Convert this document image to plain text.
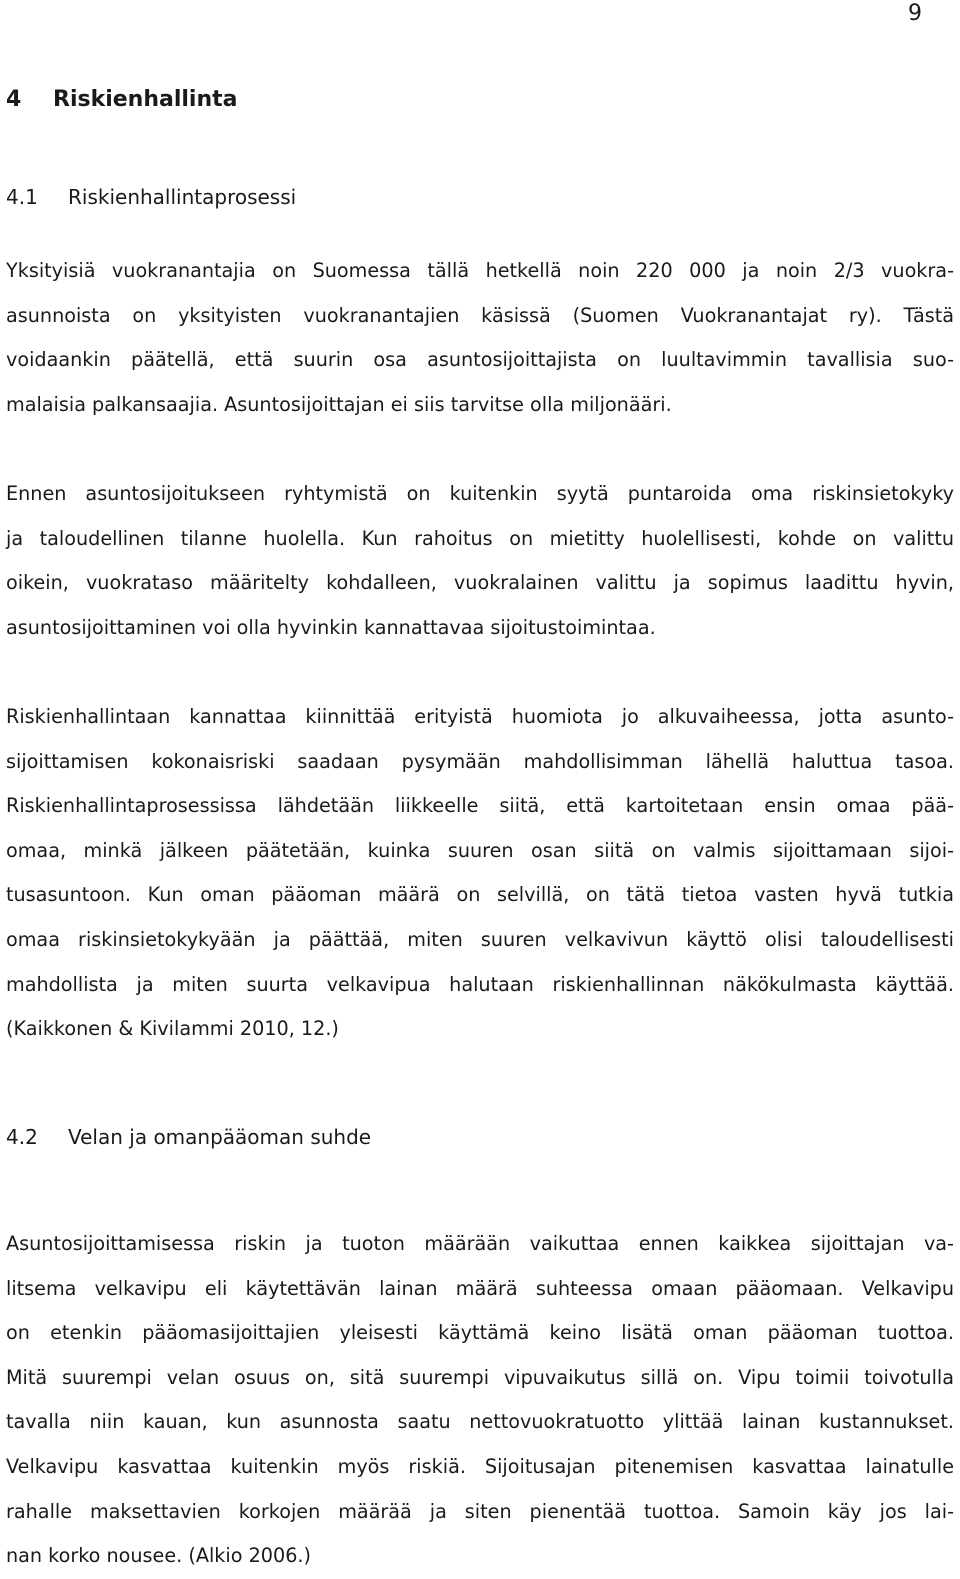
9
4 Riskienhallinta
4.1 Riskienhallintaprosessi
Yksityisiä vuokranantajia on Suomessa tällä hetkellä noin 220 000 ja noin 2/3 vuokra-
asunnoista on yksityisten vuokranantajien käsissä (Suomen Vuokranantajat ry). Tästä
voidaankin päätellä, että suurin osa asuntosijoittajista on luultavimmin tavallisia suo-
malaisia palkansaajia. Asuntosijoittajan ei siis tarvitse olla miljonääri.
Ennen asuntosijoitukseen ryhtymistä on kuitenkin syytä puntaroida oma riskinsietokyky
ja taloudellinen tilanne huolella. Kun rahoitus on mietitty huolellisesti, kohde on valittu
oikein, vuokrataso määritelty kohdalleen, vuokralainen valittu ja sopimus laadittu hyvin,
asuntosijoittaminen voi olla hyvinkin kannattavaa sijoitustoimintaa.
Riskienhallintaan kannattaa kiinnittää erityistä huomiota jo alkuvaiheessa, jotta asunto-
sijoittamisen kokonaisriski saadaan pysymään mahdollisimman lähellä haluttua tasoa.
Riskienhallintaprosessissa lähdetään liikkeelle siitä, että kartoitetaan ensin omaa pää-
omaa, minkä jälkeen päätetään, kuinka suuren osan siitä on valmis sijoittamaan sijoi-
tusasuntoon. Kun oman pääoman määrä on selvillä, on tätä tietoa vasten hyvä tutkia
omaa riskinsietokykyään ja päättää, miten suuren velkavivun käyttö olisi taloudellisesti
mahdollista ja miten suurta velkavipua halutaan riskienhallinnan näkökulmasta käyttää.
(Kaikkonen & Kivilammi 2010, 12.)
4.2 Velan ja omanpääoman suhde
Asuntosijoittamisessa riskin ja tuoton määrään vaikuttaa ennen kaikkea sijoittajan va-
litsema velkavipu eli käytettävän lainan määrä suhteessa omaan pääomaan. Velkavipu
on etenkin pääomasijoittajien yleisesti käyttämä keino lisätä oman pääoman tuottoa.
Mitä suurempi velan osuus on, sitä suurempi vipuvaikutus sillä on. Vipu toimii toivotulla
tavalla niin kauan, kun asunnosta saatu nettovuokratuotto ylittää lainan kustannukset.
Velkavipu kasvattaa kuitenkin myös riskiä. Sijoitusajan pitenemisen kasvattaa lainatulle
rahalle maksettavien korkojen määrää ja siten pienentää tuottoa. Samoin käy jos lai-
nan korko nousee. (Alkio 2006.)
